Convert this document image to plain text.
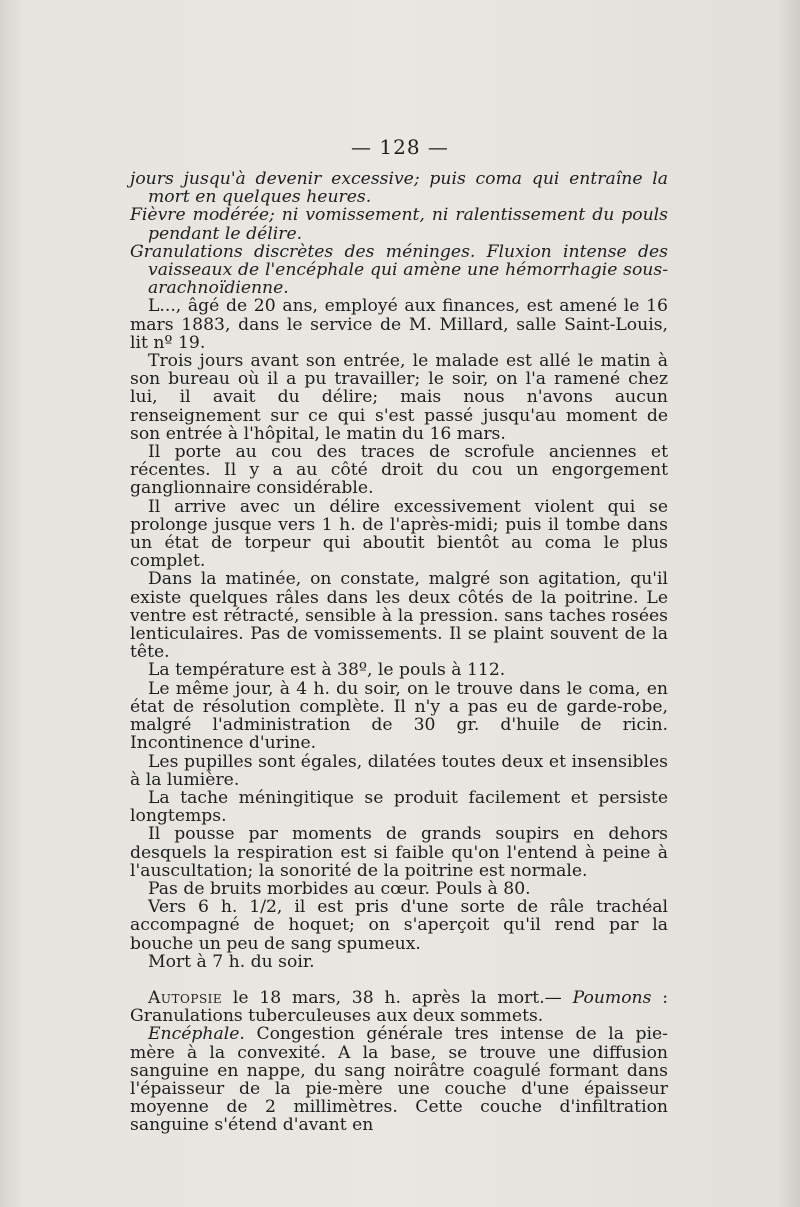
— 128 —

jours jusqu'à devenir excessive; puis coma qui entraîne la mort en quelques heures.

Fièvre modérée; ni vomissement, ni ralentissement du pouls pendant le délire.

Granulations discrètes des méninges. Fluxion intense des vaisseaux de l'encéphale qui amène une hémorrhagie sous-arachnoïdienne.

L..., âgé de 20 ans, employé aux finances, est amené le 16 mars 1883, dans le service de M. Millard, salle Saint-Louis, lit nº 19.

Trois jours avant son entrée, le malade est allé le matin à son bureau où il a pu travailler; le soir, on l'a ramené chez lui, il avait du délire; mais nous n'avons aucun renseignement sur ce qui s'est passé jusqu'au moment de son entrée à l'hôpital, le matin du 16 mars.

Il porte au cou des traces de scrofule anciennes et récentes. Il y a au côté droit du cou un engorgement ganglionnaire considérable.

Il arrive avec un délire excessivement violent qui se prolonge jusque vers 1 h. de l'après-midi; puis il tombe dans un état de torpeur qui aboutit bientôt au coma le plus complet.

Dans la matinée, on constate, malgré son agitation, qu'il existe quelques râles dans les deux côtés de la poitrine. Le ventre est rétracté, sensible à la pression. sans taches rosées lenticulaires. Pas de vomissements. Il se plaint souvent de la tête.

La température est à 38º, le pouls à 112.

Le même jour, à 4 h. du soir, on le trouve dans le coma, en état de résolution complète. Il n'y a pas eu de garde-robe, malgré l'administration de 30 gr. d'huile de ricin. Incontinence d'urine.

Les pupilles sont égales, dilatées toutes deux et insensibles à la lumière.

La tache méningitique se produit facilement et persiste longtemps.

Il pousse par moments de grands soupirs en dehors desquels la respiration est si faible qu'on l'entend à peine à l'auscultation; la sonorité de la poitrine est normale.

Pas de bruits morbides au cœur. Pouls à 80.

Vers 6 h. 1/2, il est pris d'une sorte de râle trachéal accompagné de hoquet; on s'aperçoit qu'il rend par la bouche un peu de sang spumeux.

Mort à 7 h. du soir.

Autopsie le 18 mars, 38 h. après la mort.— Poumons : Granulations tuberculeuses aux deux sommets.

Encéphale. Congestion générale tres intense de la pie-mère à la convexité. A la base, se trouve une diffusion sanguine en nappe, du sang noirâtre coagulé formant dans l'épaisseur de la pie-mère une couche d'une épaisseur moyenne de 2 millimètres. Cette couche d'infiltration sanguine s'étend d'avant en
